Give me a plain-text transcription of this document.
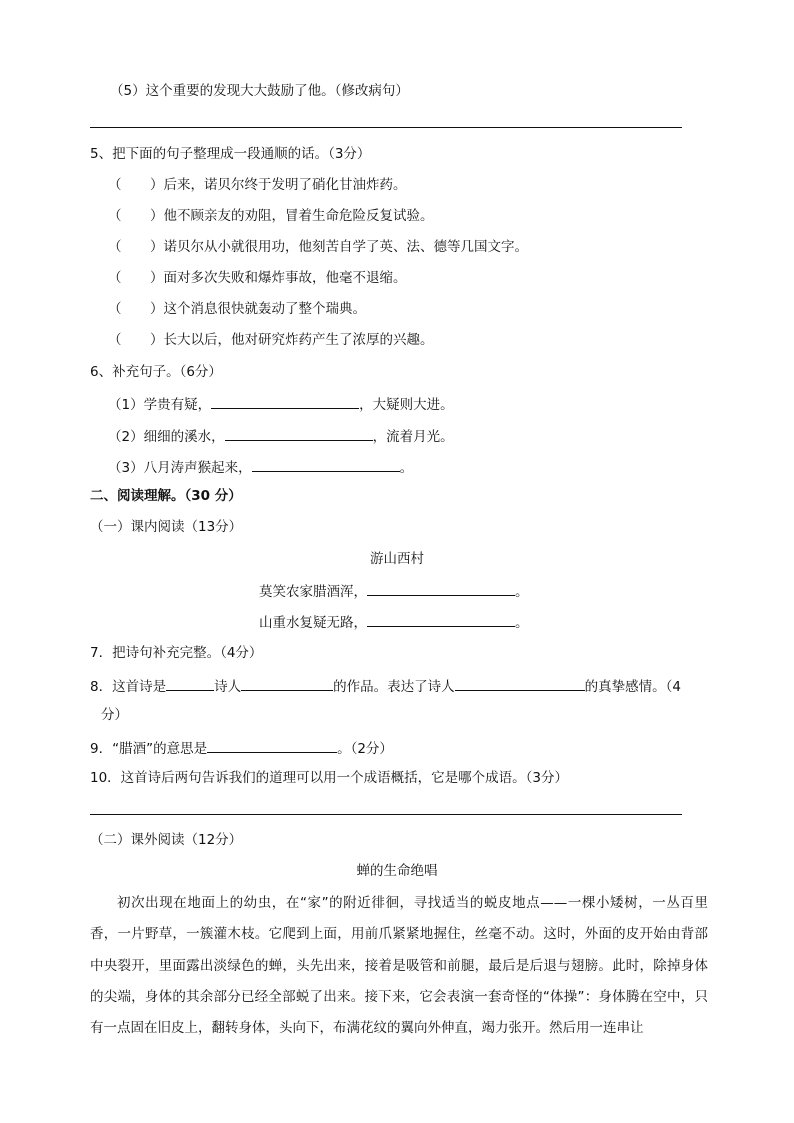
（5）这个重要的发现大大鼓励了他。（修改病句）
5、把下面的句子整理成一段通顺的话。（3分）
（ ）后来，诺贝尔终于发明了硝化甘油炸药。
（ ）他不顾亲友的劝阻，冒着生命危险反复试验。
（ ）诺贝尔从小就很用功，他刻苦自学了英、法、德等几国文字。
（ ）面对多次失败和爆炸事故，他毫不退缩。
（ ）这个消息很快就轰动了整个瑞典。
（ ）长大以后，他对研究炸药产生了浓厚的兴趣。
6、补充句子。（6分）
（1）学贵有疑，	，大疑则大进。
（2）细细的溪水，	，流着月光。
（3）八月涛声猴起来，	。
二、阅读理解。（30 分）
（一）课内阅读（13分）
游山西村
莫笑农家腊酒浑，	。
山重水复疑无路，	。
7．把诗句补充完整。（4分）
8．这首诗是	诗人	的作品。表达了诗人	的真挚感情。（4
分）
9．“腊酒”的意思是	。（2分）
10．这首诗后两句告诉我们的道理可以用一个成语概括，它是哪个成语。（3分）
（二）课外阅读（12分）
蝉的生命绝唱
初次出现在地面上的幼虫，在“家”的附近徘徊，寻找适当的蜕皮地点——一棵小矮树，一丛百里香，一片野草，一簇灌木枝。它爬到上面，用前爪紧紧地握住，丝毫不动。这时，外面的皮开始由背部中央裂开，里面露出淡绿色的蝉，头先出来，接着是吸管和前腿，最后是后退与翅膀。此时，除掉身体的尖端，身体的其余部分已经全部蜕了出来。接下来，它会表演一套奇怪的“体操”：身体腾在空中，只有一点固在旧皮上，翻转身体，头向下，布满花纹的翼向外伸直，竭力张开。然后用一连串让
